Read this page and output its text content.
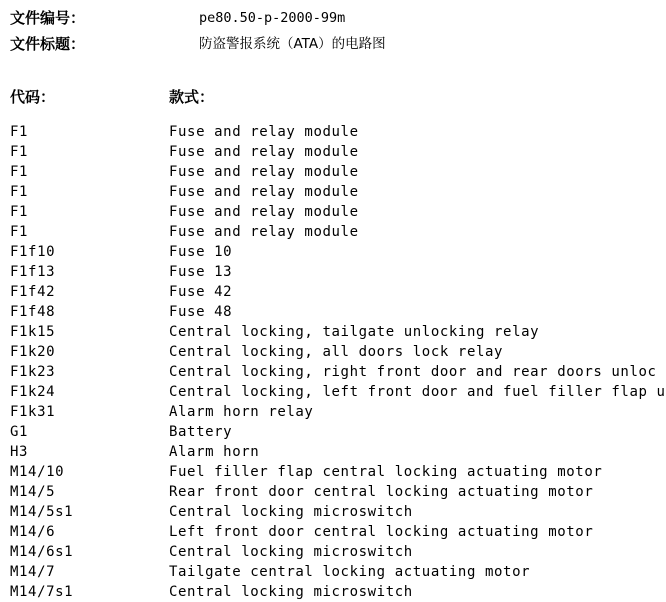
文件编号：	pe80.50-p-2000-99m
文件标题：	防盗警报系统（ATA）的电路图
代码：	款式：
F1	Fuse and relay module
F1	Fuse and relay module
F1	Fuse and relay module
F1	Fuse and relay module
F1	Fuse and relay module
F1	Fuse and relay module
F1f10	Fuse 10
F1f13	Fuse 13
F1f42	Fuse 42
F1f48	Fuse 48
F1k15	Central locking, tailgate unlocking relay
F1k20	Central locking, all doors lock relay
F1k23	Central locking, right front door and rear doors unloc
F1k24	Central locking, left front door and fuel filler flap u
F1k31	Alarm horn relay
G1	Battery
H3	Alarm horn
M14/10	Fuel filler flap central locking actuating motor
M14/5	Rear front door central locking actuating motor
M14/5s1	Central locking microswitch
M14/6	Left front door central locking actuating motor
M14/6s1	Central locking microswitch
M14/7	Tailgate central locking actuating motor
M14/7s1	Central locking microswitch
